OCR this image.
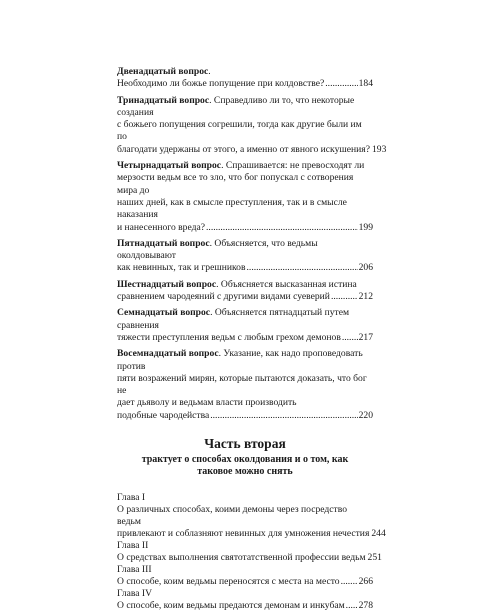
Двенадцатый вопрос.
Необходимо ли божье попущение при колдовстве? .....	184
Тринадцатый вопрос. Справедливо ли то, что некоторые создания
с божьего попущения согрешили, тогда как другие были им по
благодати удержаны от этого, а именно от явного искушения? 193
Четырнадцатый вопрос. Спрашивается: не превосходят ли
мерзости ведьм все то зло, что бог попускал с сотворения мира до
наших дней, как в смысле преступления, так и в смысле наказания
и нанесенного вреда? .....	199
Пятнадцатый вопрос. Объясняется, что ведьмы околдовывают
как невинных, так и грешников .....	206
Шестнадцатый вопрос. Объясняется высказанная истина
сравнением чародеяний с другими видами суеверий .....	212
Семнадцатый вопрос. Объясняется пятнадцатый путем сравнения
тяжести преступления ведьм с любым грехом демонов ..... 217
Восемнадцатый вопрос. Указание, как надо проповедовать против
пяти возражений мирян, которые пытаются доказать, что бог не
дает дьяволу и ведьмам власти производить
подобные чародейства .....	220
Часть вторая
трактует о способах околдования и о том, как таковое можно снять
Глава I
О различных способах, коими демоны через посредство ведьм
привлекают и соблазняют невинных для умножения нечестия 244
Глава II
О средствах выполнения святотатственной профессии ведьм 251
Глава III
О способе, коим ведьмы переносятся с места на место ..... 266
Глава IV
О способе, коим ведьмы предаются демонам и инкубам ..... 278
